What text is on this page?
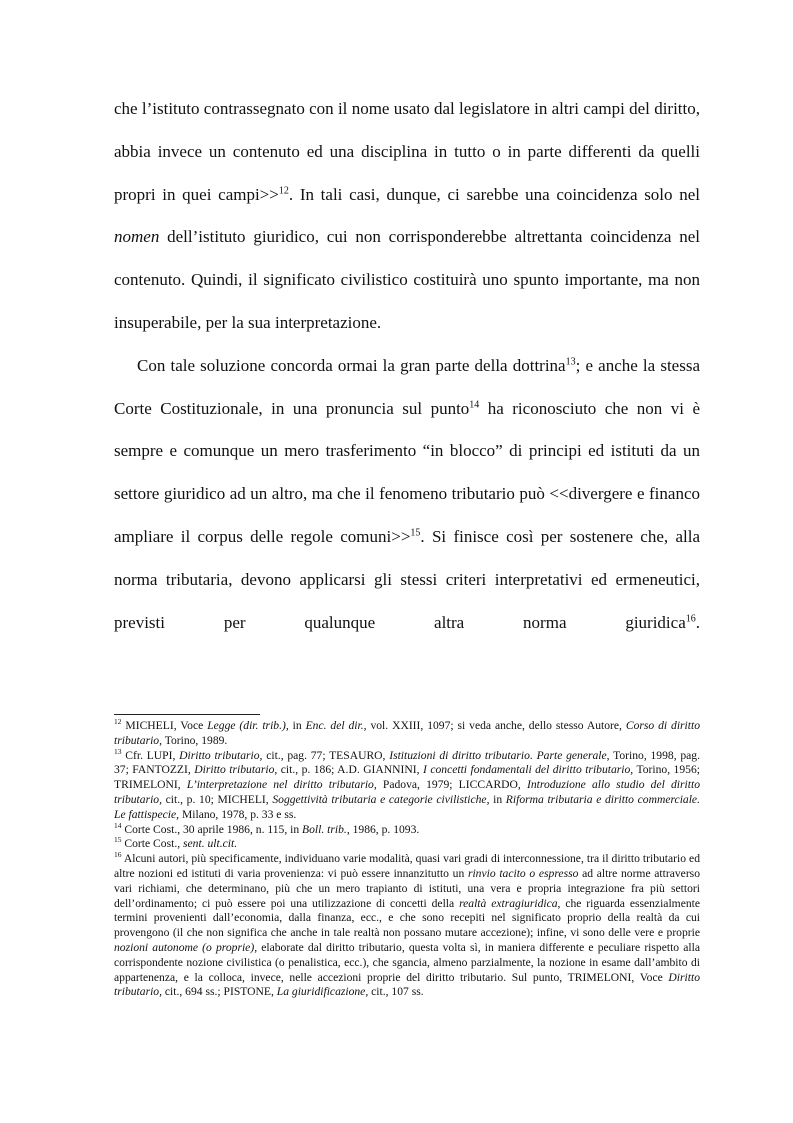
che l’istituto contrassegnato con il nome usato dal legislatore in altri campi del diritto, abbia invece un contenuto ed una disciplina in tutto o in parte differenti da quelli propri in quei campi>>$^{12}$. In tali casi, dunque, ci sarebbe una coincidenza solo nel nomen dell’istituto giuridico, cui non corrisponderebbe altrettanta coincidenza nel contenuto. Quindi, il significato civilistico costituirà uno spunto importante, ma non insuperabile, per la sua interpretazione.

Con tale soluzione concorda ormai la gran parte della dottrina$^{13}$; e anche la stessa Corte Costituzionale, in una pronuncia sul punto$^{14}$ ha riconosciuto che non vi è sempre e comunque un mero trasferimento “in blocco” di principi ed istituti da un settore giuridico ad un altro, ma che il fenomeno tributario può <<divergere e financo ampliare il corpus delle regole comuni>>$^{15}$. Si finisce così per sostenere che, alla norma tributaria, devono applicarsi gli stessi criteri interpretativi ed ermeneutici, previsti per qualunque altra norma giuridica$^{16}$.

$^{12}$ MICHELI, Voce Legge (dir. trib.), in Enc. del dir., vol. XXIII, 1097; si veda anche, dello stesso Autore, Corso di diritto tributario, Torino, 1989.

$^{13}$ Cfr. LUPI, Diritto tributario, cit., pag. 77; TESAURO, Istituzioni di diritto tributario. Parte generale, Torino, 1998, pag. 37; FANTOZZI, Diritto tributario, cit., p. 186; A.D. GIANNINI, I concetti fondamentali del diritto tributario, Torino, 1956; TRIMELONI, L’interpretazione nel diritto tributario, Padova, 1979; LICCARDO, Introduzione allo studio del diritto tributario, cit., p. 10; MICHELI, Soggettività tributaria e categorie civilistiche, in Riforma tributaria e diritto commerciale. Le fattispecie, Milano, 1978, p. 33 e ss.

$^{14}$ Corte Cost., 30 aprile 1986, n. 115, in Boll. trib., 1986, p. 1093.

$^{15}$ Corte Cost., sent. ult.cit.

$^{16}$ Alcuni autori, più specificamente, individuano varie modalità, quasi vari gradi di interconnessione, tra il diritto tributario ed altre nozioni ed istituti di varia provenienza: vi può essere innanzitutto un rinvio tacito o espresso ad altre norme attraverso vari richiami, che determinano, più che un mero trapianto di istituti, una vera e propria integrazione fra più settori dell’ordinamento; ci può essere poi una utilizzazione di concetti della realtà extragiuridica, che riguarda essenzialmente termini provenienti dall’economia, dalla finanza, ecc., e che sono recepiti nel significato proprio della realtà da cui provengono (il che non significa che anche in tale realtà non possano mutare accezione); infine, vi sono delle vere e proprie nozioni autonome (o proprie), elaborate dal diritto tributario, questa volta sì, in maniera differente e peculiare rispetto alla corrispondente nozione civilistica (o penalistica, ecc.), che sgancia, almeno parzialmente, la nozione in esame dall’ambito di appartenenza, e la colloca, invece, nelle accezioni proprie del diritto tributario. Sul punto, TRIMELONI, Voce Diritto tributario, cit., 694 ss.; PISTONE, La giuridificazione, cit., 107 ss.
